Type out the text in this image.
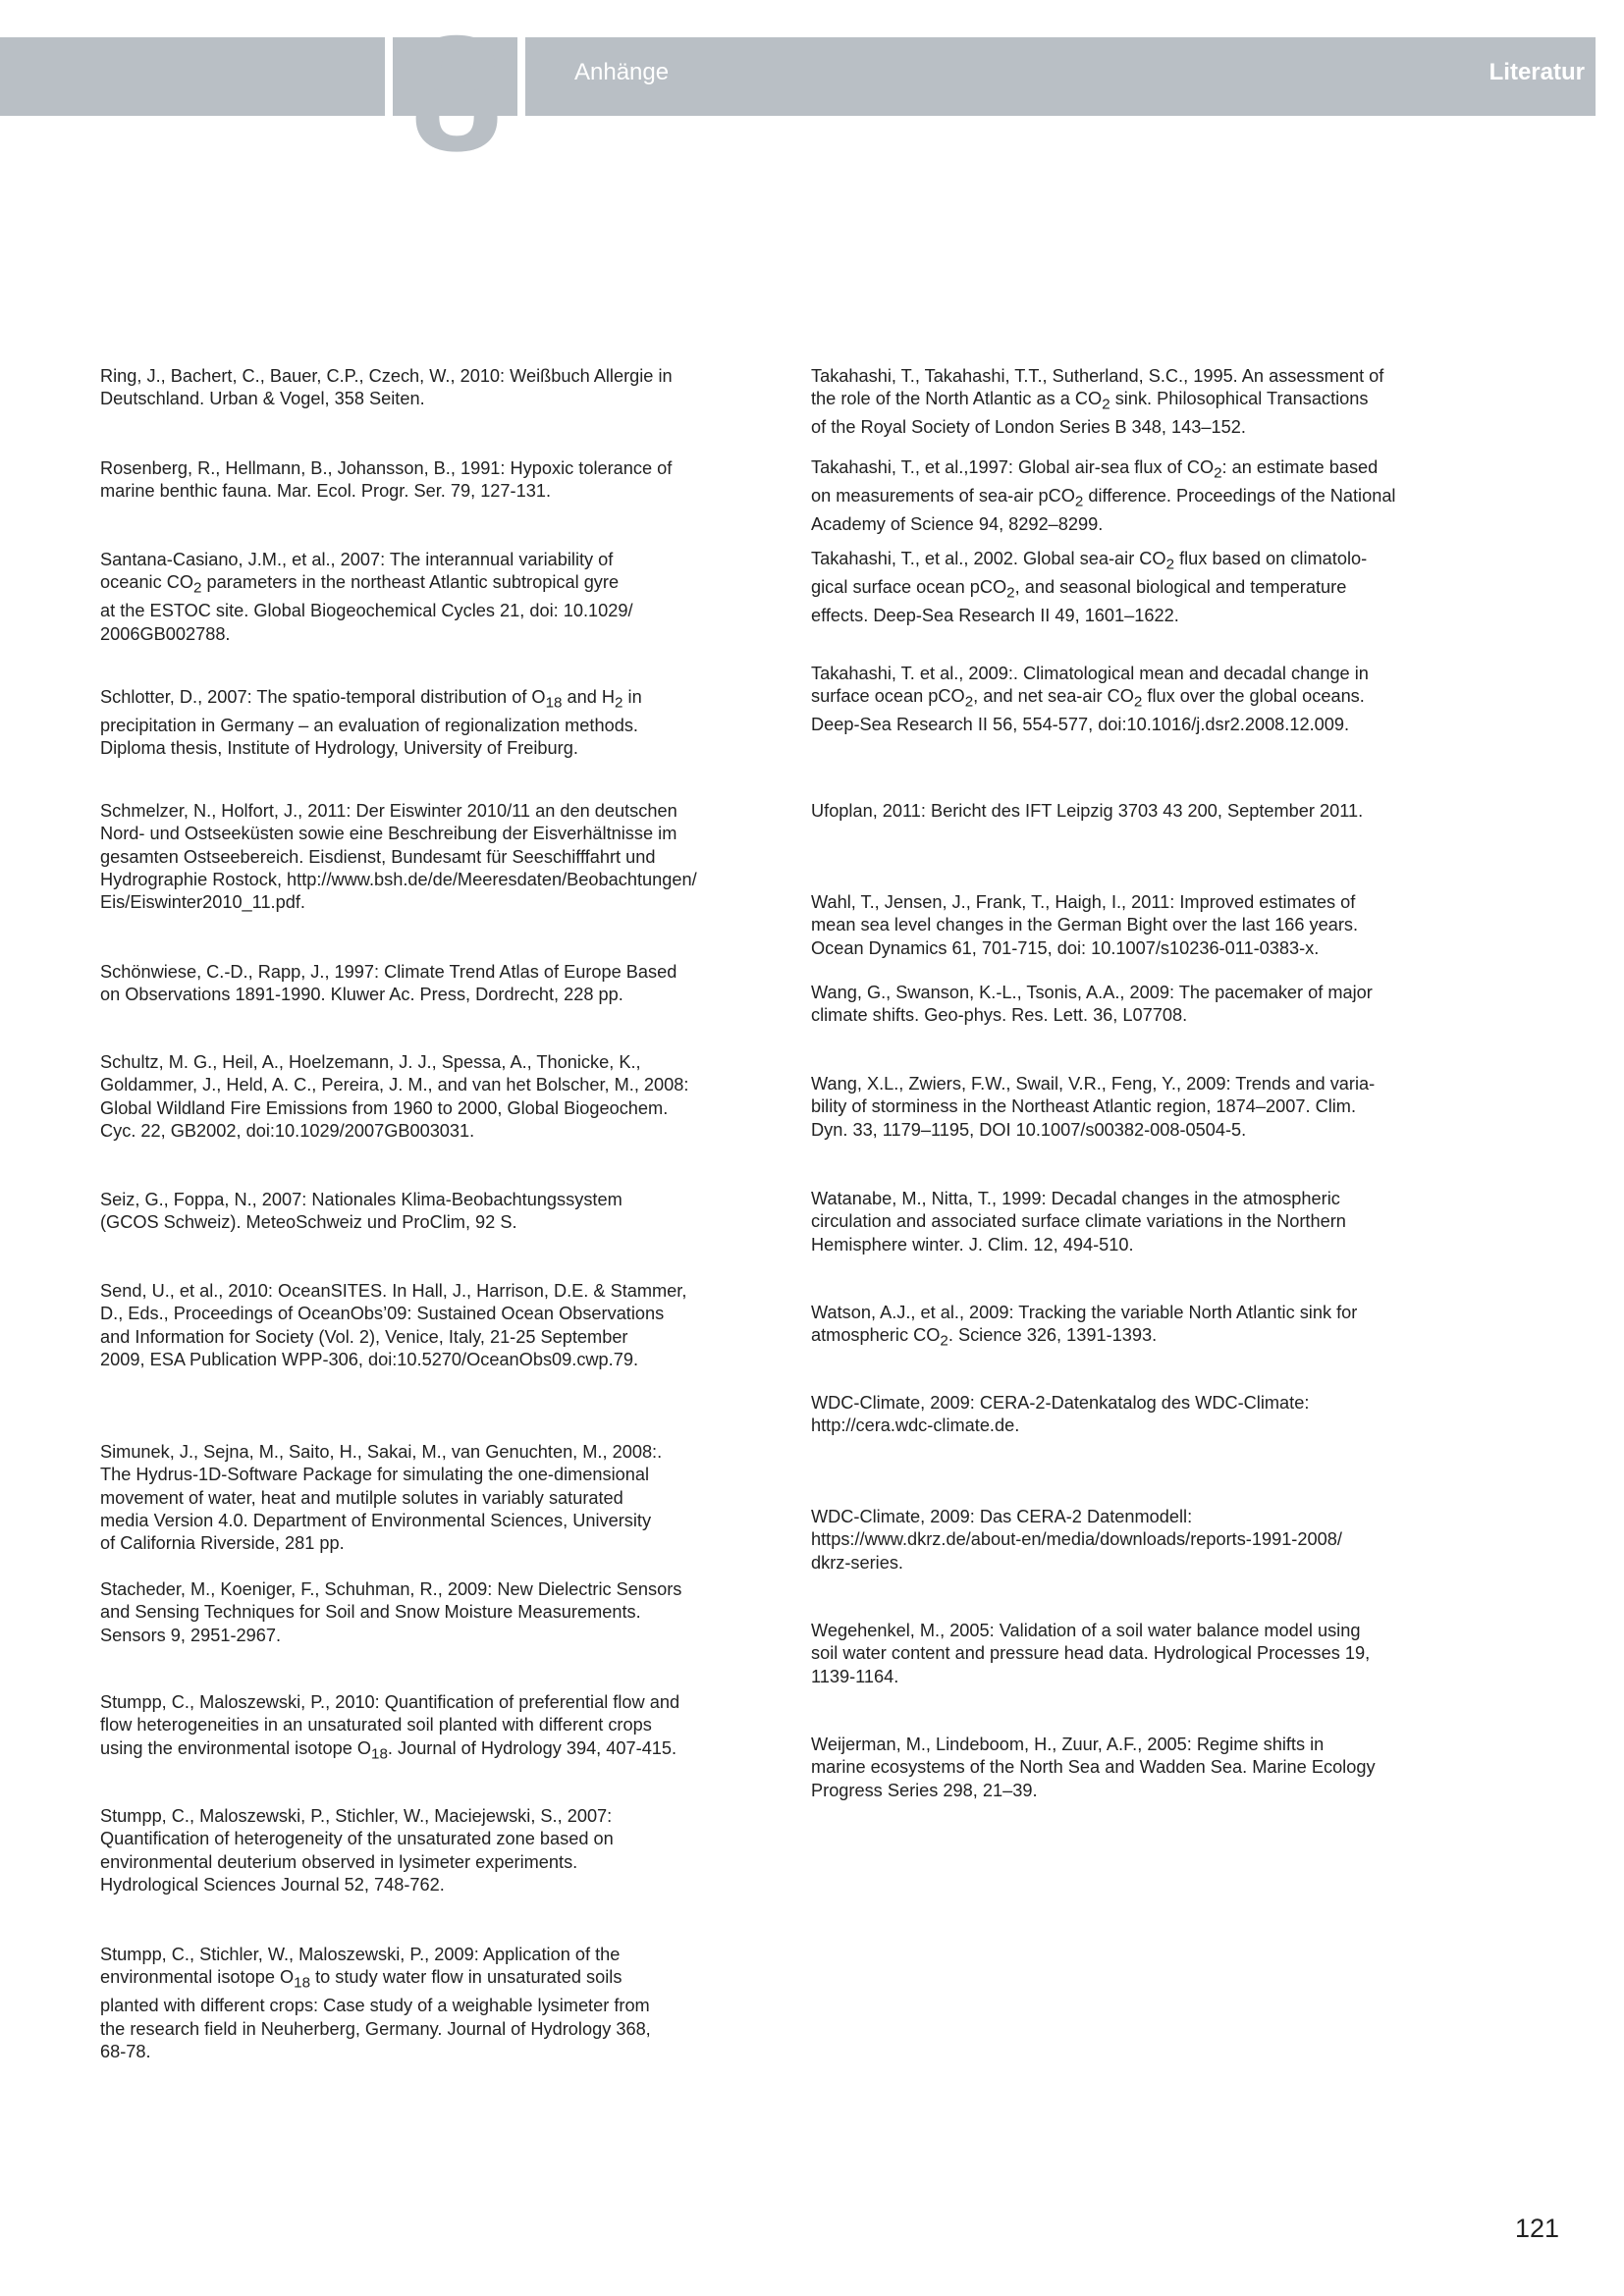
8	Anhänge	Literatur

Ring, J., Bachert, C., Bauer, C.P., Czech, W., 2010: Weißbuch Allergie in
Deutschland. Urban & Vogel, 358 Seiten.

Rosenberg, R., Hellmann, B., Johansson, B., 1991: Hypoxic tolerance of
marine benthic fauna. Mar. Ecol. Progr. Ser. 79, 127-131.

Santana-Casiano, J.M., et al., 2007: The interannual variability of
oceanic $CO_2$ parameters in the northeast Atlantic subtropical gyre
at the ESTOC site. Global Biogeochemical Cycles 21, doi: 10.1029/
2006GB002788.

Schlotter, D., 2007: The spatio-temporal distribution of $O_{18}$ and $H_2$ in
precipitation in Germany – an evaluation of regionalization methods.
Diploma thesis, Institute of Hydrology, University of Freiburg.

Schmelzer, N., Holfort, J., 2011: Der Eiswinter 2010/11 an den deutschen
Nord- und Ostseeküsten sowie eine Beschreibung der Eisverhältnisse im
gesamten Ostseebereich. Eisdienst, Bundesamt für Seeschifffahrt und
Hydrographie Rostock, http://www.bsh.de/de/Meeresdaten/Beobachtungen/
Eis/Eiswinter2010_11.pdf.

Schönwiese, C.-D., Rapp, J., 1997: Climate Trend Atlas of Europe Based
on Observations 1891-1990. Kluwer Ac. Press, Dordrecht, 228 pp.

Schultz, M. G., Heil, A., Hoelzemann, J. J., Spessa, A., Thonicke, K.,
Goldammer, J., Held, A. C., Pereira, J. M., and van het Bolscher, M., 2008:
Global Wildland Fire Emissions from 1960 to 2000, Global Biogeochem.
Cyc. 22, GB2002, doi:10.1029/2007GB003031.

Seiz, G., Foppa, N., 2007: Nationales Klima-Beobachtungssystem
(GCOS Schweiz). MeteoSchweiz und ProClim, 92 S.

Send, U., et al., 2010: OceanSITES. In Hall, J., Harrison, D.E. & Stammer,
D., Eds., Proceedings of OceanObs’09: Sustained Ocean Observations
and Information for Society (Vol. 2), Venice, Italy, 21-25 September
2009, ESA Publication WPP-306, doi:10.5270/OceanObs09.cwp.79.

Simunek, J., Sejna, M., Saito, H., Sakai, M., van Genuchten, M., 2008:.
The Hydrus-1D-Software Package for simulating the one-dimensional
movement of water, heat and mutilple solutes in variably saturated
media Version 4.0. Department of Environmental Sciences, University
of California Riverside, 281 pp.

Stacheder, M., Koeniger, F., Schuhman, R., 2009: New Dielectric Sensors
and Sensing Techniques for Soil and Snow Moisture Measurements.
Sensors 9, 2951-2967.

Stumpp, C., Maloszewski, P., 2010: Quantification of preferential flow and
flow heterogeneities in an unsaturated soil planted with different crops
using the environmental isotope $O_{18}$. Journal of Hydrology 394, 407-415.

Stumpp, C., Maloszewski, P., Stichler, W., Maciejewski, S., 2007:
Quantification of heterogeneity of the unsaturated zone based on
environmental deuterium observed in lysimeter experiments.
Hydrological Sciences Journal 52, 748-762.

Stumpp, C., Stichler, W., Maloszewski, P., 2009: Application of the
environmental isotope $O_{18}$ to study water flow in unsaturated soils
planted with different crops: Case study of a weighable lysimeter from
the research field in Neuherberg, Germany. Journal of Hydrology 368,
68-78.

Takahashi, T., Takahashi, T.T., Sutherland, S.C., 1995. An assessment of
the role of the North Atlantic as a $CO_2$ sink. Philosophical Transactions
of the Royal Society of London Series B 348, 143–152.

Takahashi, T., et al.,1997: Global air-sea flux of $CO_2$: an estimate based
on measurements of sea-air pCO$_2$ difference. Proceedings of the National
Academy of Science 94, 8292–8299.

Takahashi, T., et al., 2002. Global sea-air $CO_2$ flux based on climatolo-
gical surface ocean pCO$_2$, and seasonal biological and temperature
effects. Deep-Sea Research II 49, 1601–1622.

Takahashi, T. et al., 2009:. Climatological mean and decadal change in
surface ocean pCO$_2$, and net sea-air $CO_2$ flux over the global oceans.
Deep-Sea Research II 56, 554-577, doi:10.1016/j.dsr2.2008.12.009.

Ufoplan, 2011: Bericht des IFT Leipzig 3703 43 200, September 2011.

Wahl, T., Jensen, J., Frank, T., Haigh, I., 2011: Improved estimates of
mean sea level changes in the German Bight over the last 166 years.
Ocean Dynamics 61, 701-715, doi: 10.1007/s10236-011-0383-x.

Wang, G., Swanson, K.-L., Tsonis, A.A., 2009: The pacemaker of major
climate shifts. Geo-phys. Res. Lett. 36, L07708.

Wang, X.L., Zwiers, F.W., Swail, V.R., Feng, Y., 2009: Trends and varia-
bility of storminess in the Northeast Atlantic region, 1874–2007. Clim.
Dyn. 33, 1179–1195, DOI 10.1007/s00382-008-0504-5.

Watanabe, M., Nitta, T., 1999: Decadal changes in the atmospheric
circulation and associated surface climate variations in the Northern
Hemisphere winter. J. Clim. 12, 494-510.

Watson, A.J., et al., 2009: Tracking the variable North Atlantic sink for
atmospheric $CO_2$. Science 326, 1391-1393.

WDC-Climate, 2009: CERA-2-Datenkatalog des WDC-Climate:
http://cera.wdc-climate.de.

WDC-Climate, 2009: Das CERA-2 Datenmodell:
https://www.dkrz.de/about-en/media/downloads/reports-1991-2008/
dkrz-series.

Wegehenkel, M., 2005: Validation of a soil water balance model using
soil water content and pressure head data. Hydrological Processes 19,
1139-1164.

Weijerman, M., Lindeboom, H., Zuur, A.F., 2005: Regime shifts in
marine ecosystems of the North Sea and Wadden Sea. Marine Ecology
Progress Series 298, 21–39.

121
